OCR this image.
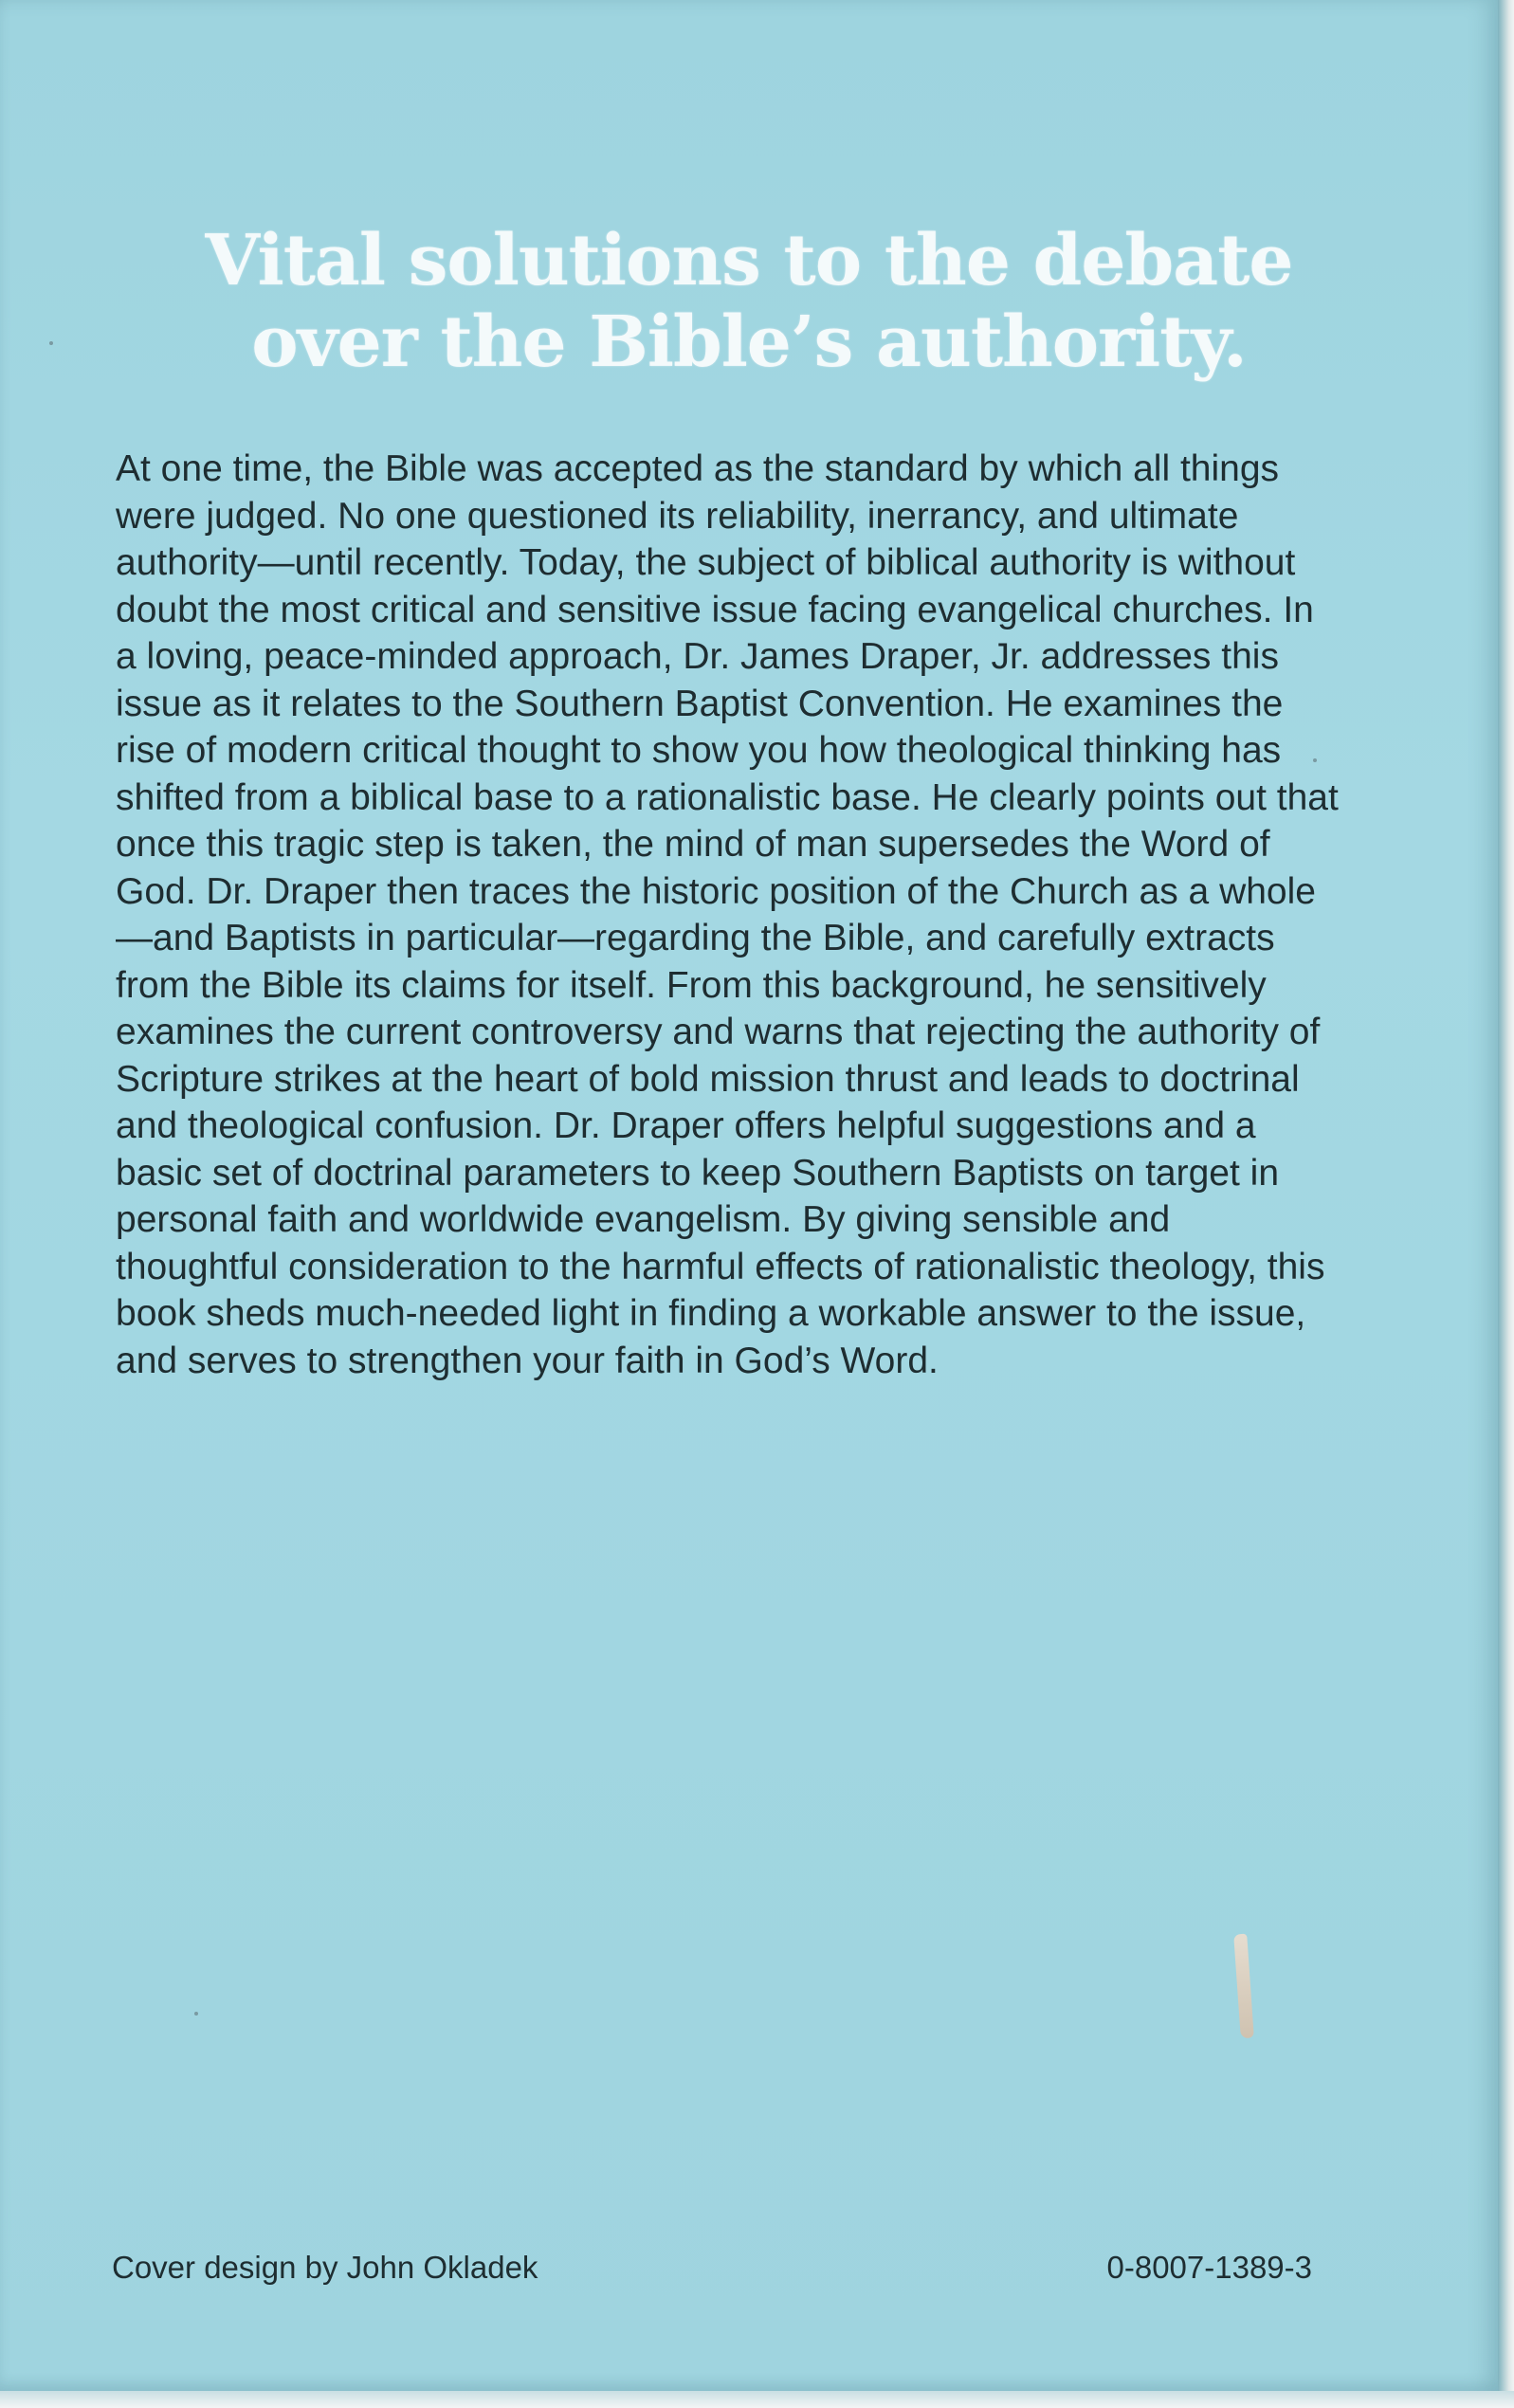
Vital solutions to the debate
over the Bible’s authority.

At one time, the Bible was accepted as the standard by which all things were judged. No one questioned its reliability, inerrancy, and ultimate authority—until recently. Today, the subject of biblical authority is without doubt the most critical and sensitive issue facing evangelical churches. In a loving, peace-minded approach, Dr. James Draper, Jr. addresses this issue as it relates to the Southern Baptist Convention. He examines the rise of modern critical thought to show you how theological thinking has shifted from a biblical base to a rationalistic base. He clearly points out that once this tragic step is taken, the mind of man supersedes the Word of God. Dr. Draper then traces the historic position of the Church as a whole—and Baptists in particular—regarding the Bible, and carefully extracts from the Bible its claims for itself. From this background, he sensitively examines the current controversy and warns that rejecting the authority of Scripture strikes at the heart of bold mission thrust and leads to doctrinal and theological confusion. Dr. Draper offers helpful suggestions and a basic set of doctrinal parameters to keep Southern Baptists on target in personal faith and worldwide evangelism. By giving sensible and thoughtful consideration to the harmful effects of rationalistic theology, this book sheds much-needed light in finding a workable answer to the issue, and serves to strengthen your faith in God’s Word.

Cover design by John Okladek	0-8007-1389-3
